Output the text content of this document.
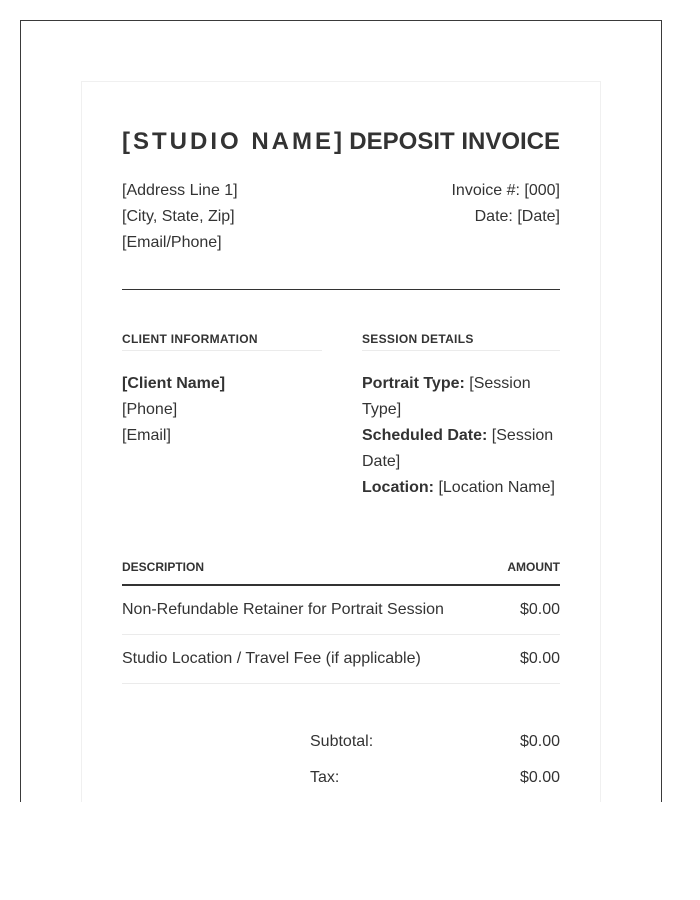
[STUDIO NAME] DEPOSIT INVOICE
[Address Line 1]
[City, State, Zip]
[Email/Phone]
Invoice #: [000]
Date: [Date]
CLIENT INFORMATION
[Client Name]
[Phone]
[Email]
SESSION DETAILS
Portrait Type: [Session Type]
Scheduled Date: [Session Date]
Location: [Location Name]
DESCRIPTION	AMOUNT
Non-Refundable Retainer for Portrait Session	$0.00
Studio Location / Travel Fee (if applicable)	$0.00
Subtotal:	$0.00
Tax:	$0.00
